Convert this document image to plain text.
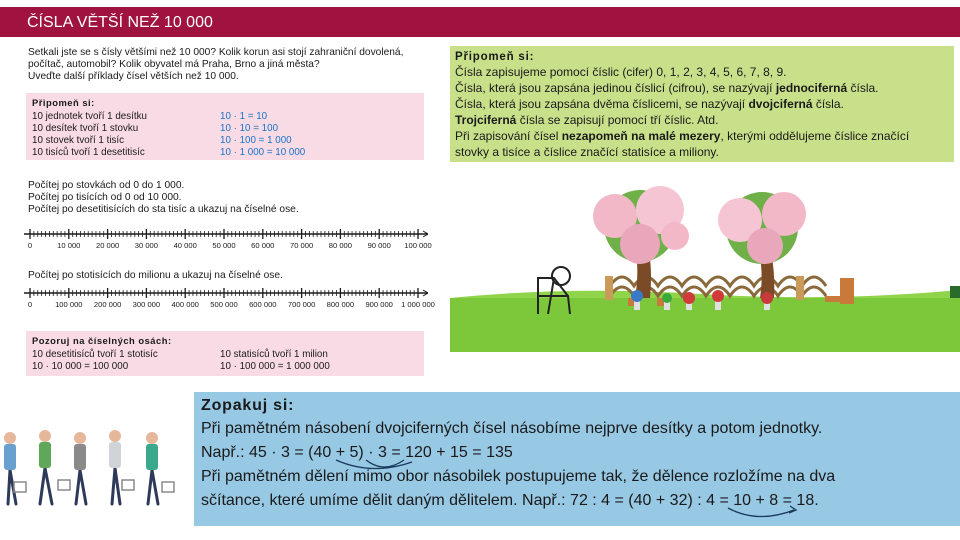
ČÍSLA VĚTŠÍ NEŽ 10 000
Setkali jste se s čísly většími než 10 000? Kolik korun asi stojí zahraniční dovolená,
počítač, automobil? Kolik obyvatel má Praha, Brno a jiná města?
Uveďte další příklady čísel větších než 10 000.
Připomeň si:
10 jednotek tvoří 1 desítku	10 · 1 = 10
10 desítek tvoří 1 stovku	10 · 10 = 100
10 stovek tvoří 1 tisíc	10 · 100 = 1 000
10 tisíců tvoří 1 desetitisíc	10 · 1 000 = 10 000
Počítej po stovkách od 0 do 1 000.
Počítej po tisících od 0 od 10 000.
Počítej po desetitisících do sta tisíc a ukazuj na číselné ose.
0	10 000 20 000 30 000 40 000 50 000 60 000 70 000 80 000 90 000 100 000
Počítej po stotisících do milionu a ukazuj na číselné ose.
0	100 000 200 000 300 000 400 000 500 000 600 000 700 000 800 000 900 000 1 000 000
Pozoruj na číselných osách:
10 desetitisíců tvoří 1 stotisíc	10 statisíců tvoří 1 milion
10 · 10 000 = 100 000	10 · 100 000 = 1 000 000
Připomeň si:
Čísla zapisujeme pomocí číslic (cifer) 0, 1, 2, 3, 4, 5, 6, 7, 8, 9.
Čísla, která jsou zapsána jedinou číslicí (cifrou), se nazývají jednociferná čísla.
Čísla, která jsou zapsána dvěma číslicemi, se nazývají dvojciferná čísla.
Trojciferná čísla se zapisují pomocí tří číslic. Atd.
Při zapisování čísel nezapomeň na malé mezery, kterými oddělujeme číslice značící
stovky a tisíce a číslice značící statisíce a miliony.
Zopakuj si:
Při pamětném násobení dvojciferných čísel násobíme nejprve desítky a potom jednotky.
Např.: 45 · 3 = (40 + 5) · 3 = 120 + 15 = 135
Při pamětném dělení mimo obor násobilek postupujeme tak, že dělence rozložíme na dva
sčítance, které umíme dělit daným dělitelem. Např.: 72 : 4 = (40 + 32) : 4 = 10 + 8 = 18.
